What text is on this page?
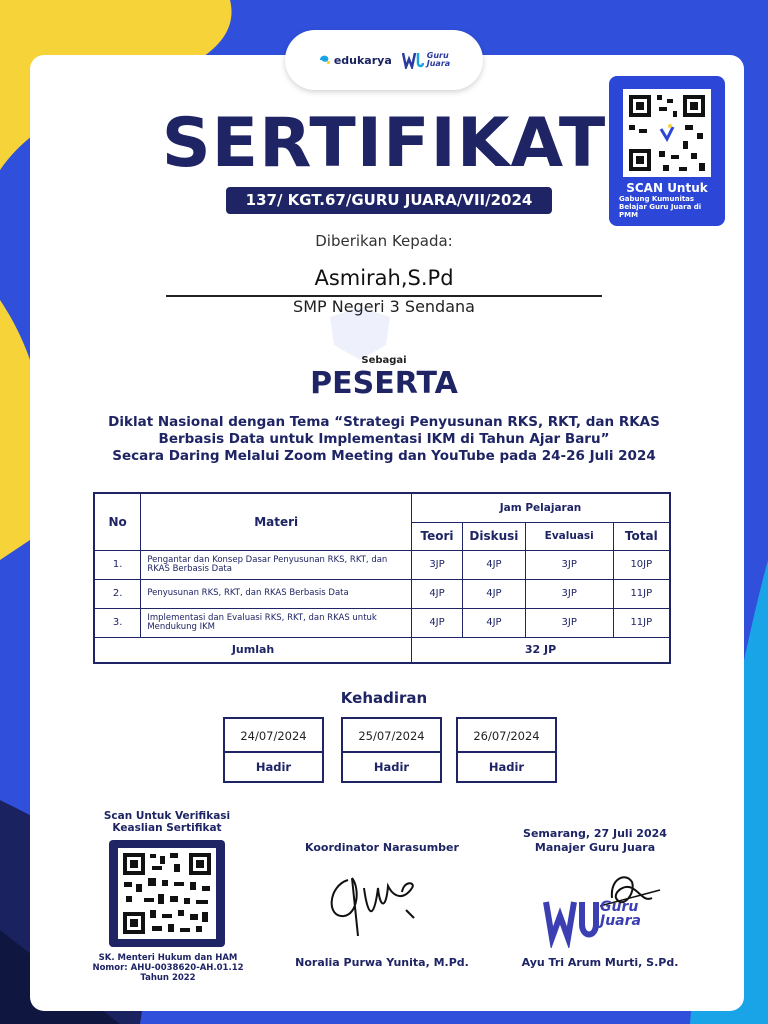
edukarya	Guru
Juara
SERTIFIKAT
137/ KGT.67/GURU JUARA/VII/2024
SCAN Untuk
Gabung Kumunitas Belajar Guru Juara di PMM
Diberikan Kepada:
Asmirah,S.Pd
SMP Negeri 3 Sendana
Sebagai
PESERTA
Diklat Nasional dengan Tema “Strategi Penyusunan RKS, RKT, dan RKAS
Berbasis Data untuk Implementasi IKM di Tahun Ajar Baru”
Secara Daring Melalui Zoom Meeting dan YouTube pada 24-26 Juli 2024
No	Materi	Jam Pelajaran			
		Teori	Diskusi	Evaluasi	Total
1.	Pengantar dan Konsep Dasar Penyusunan RKS, RKT, dan RKAS Berbasis Data	3JP	4JP	3JP	10JP
2.	Penyusunan RKS, RKT, dan RKAS Berbasis Data	4JP	4JP	3JP	11JP
3.	Implementasi dan Evaluasi RKS, RKT, dan RKAS untuk Mendukung IKM	4JP	4JP	3JP	11JP
Jumlah		32 JP			
Kehadiran
24/07/2024
Hadir
25/07/2024
Hadir
26/07/2024
Hadir
Scan Untuk Verifikasi
Keaslian Sertifikat
SK. Menteri Hukum dan HAM
Nomor: AHU-0038620-AH.01.12
Tahun 2022
Koordinator Narasumber
Noralia Purwa Yunita, M.Pd.
Semarang, 27 Juli 2024
Manajer Guru Juara
Guru
Juara
Ayu Tri Arum Murti, S.Pd.
